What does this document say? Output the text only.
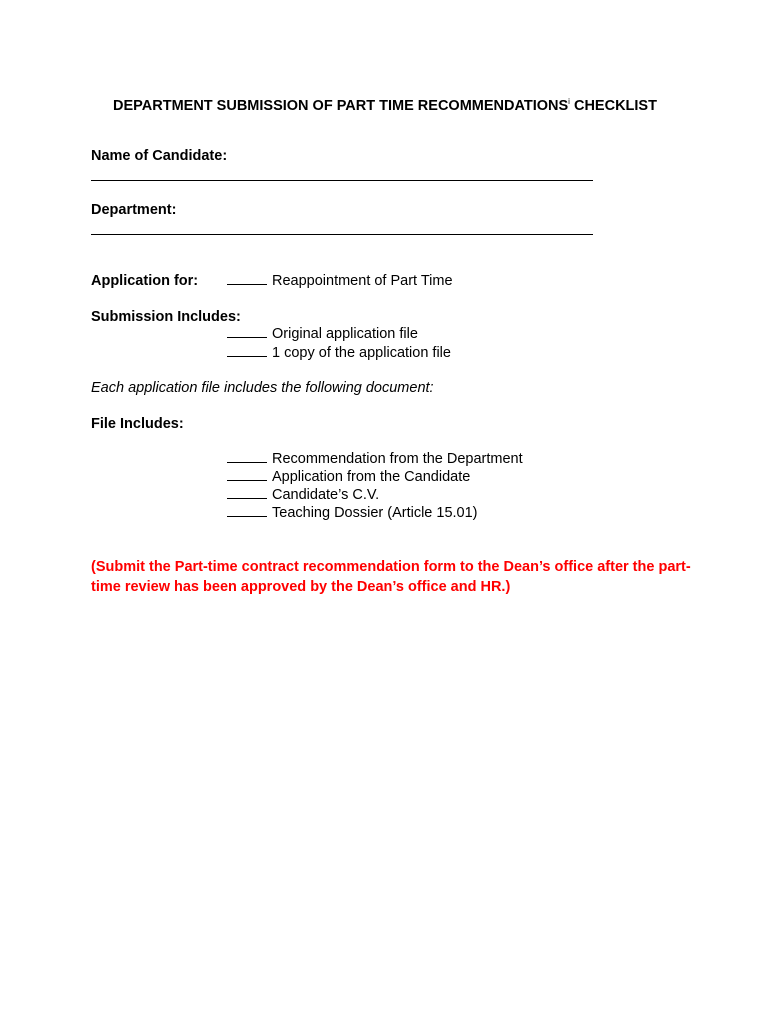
DEPARTMENT SUBMISSION OF PART TIME RECOMMENDATIONS$^i$ CHECKLIST
Name of Candidate:
Department:
Application for:	Reappointment of Part Time
Submission Includes:
Original application file
1 copy of the application file
Each application file includes the following document:
File Includes:
Recommendation from the Department
Application from the Candidate
Candidate’s C.V.
Teaching Dossier (Article 15.01)
(Submit the Part-time contract recommendation form to the Dean’s office after the part-time review has been approved by the Dean’s office and HR.)
